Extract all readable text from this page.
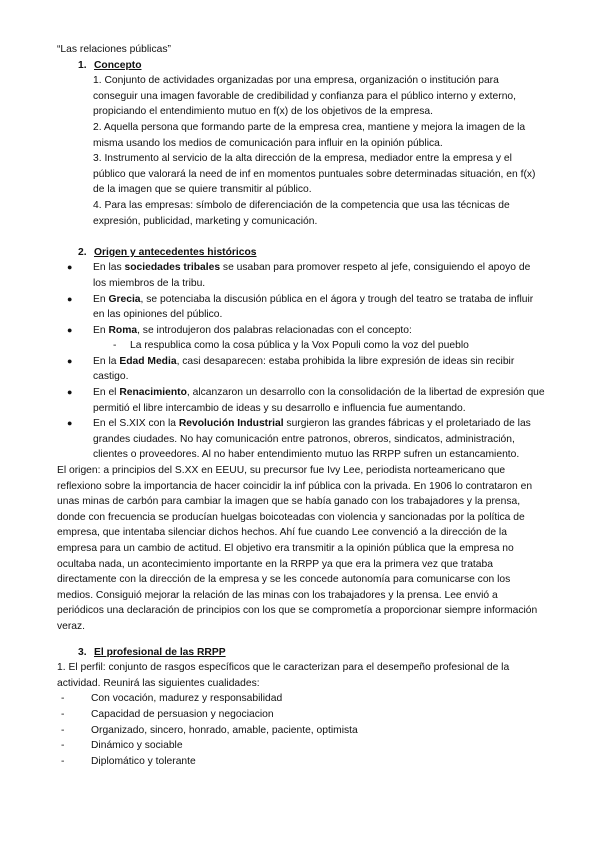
“Las relaciones públicas”

1. Concepto

1. Conjunto de actividades organizadas por una empresa, organización o institución para conseguir una imagen favorable de credibilidad y confianza para el público interno y externo, propiciando el entendimiento mutuo en f(x) de los objetivos de la empresa.

2. Aquella persona que formando parte de la empresa crea, mantiene y mejora la imagen de la misma usando los medios de comunicación para influir en la opinión pública.

3. Instrumento al servicio de la alta dirección de la empresa, mediador entre la empresa y el público que valorará la need de inf en momentos puntuales sobre determinadas situación, en f(x) de la imagen que se quiere transmitir al público.

4. Para las empresas: símbolo de diferenciación de la competencia que usa las técnicas de expresión, publicidad, marketing y comunicación.

2. Origen y antecedentes históricos
● En las sociedades tribales se usaban para promover respeto al jefe, consiguiendo el apoyo de los miembros de la tribu.
● En Grecia, se potenciaba la discusión pública en el ágora y trough del teatro se trataba de influir en las opiniones del público.
● En Roma, se introdujeron dos palabras relacionadas con el concepto:
- La respublica como la cosa pública y la Vox Populi como la voz del pueblo
● En la Edad Media, casi desaparecen: estaba prohibida la libre expresión de ideas sin recibir castigo.
● En el Renacimiento, alcanzaron un desarrollo con la consolidación de la libertad de expresión que permitió el libre intercambio de ideas y su desarrollo e influencia fue aumentando.
● En el S.XIX con la Revolución Industrial surgieron las grandes fábricas y el proletariado de las grandes ciudades. No hay comunicación entre patronos, obreros, sindicatos, administración, clientes o proveedores. Al no haber entendimiento mutuo las RRPP sufren un estancamiento.

El origen: a principios del S.XX en EEUU, su precursor fue Ivy Lee, periodista norteamericano que reflexiono sobre la importancia de hacer coincidir la inf pública con la privada. En 1906 lo contrataron en unas minas de carbón para cambiar la imagen que se había ganado con los trabajadores y la prensa, donde con frecuencia se producían huelgas boicoteadas con violencia y sancionadas por la política de empresa, que intentaba silenciar dichos hechos. Ahí fue cuando Lee convenció a la dirección de la empresa para un cambio de actitud. El objetivo era transmitir a la opinión pública que la empresa no ocultaba nada, un acontecimiento importante en la RRPP ya que era la primera vez que trataba directamente con la dirección de la empresa y se les concede autonomía para comunicarse con los medios. Consiguió mejorar la relación de las minas con los trabajadores y la prensa. Lee envió a periódicos una declaración de principios con los que se comprometía a proporcionar siempre información veraz.

3. El profesional de las RRPP

1. El perfil: conjunto de rasgos específicos que le caracterizan para el desempeño profesional de la actividad. Reunirá las siguientes cualidades:

-	Con vocación, madurez y responsabilidad
-	Capacidad de persuasion y negociacion
-	Organizado, sincero, honrado, amable, paciente, optimista
-	Dinámico y sociable
-	Diplomático y tolerante
